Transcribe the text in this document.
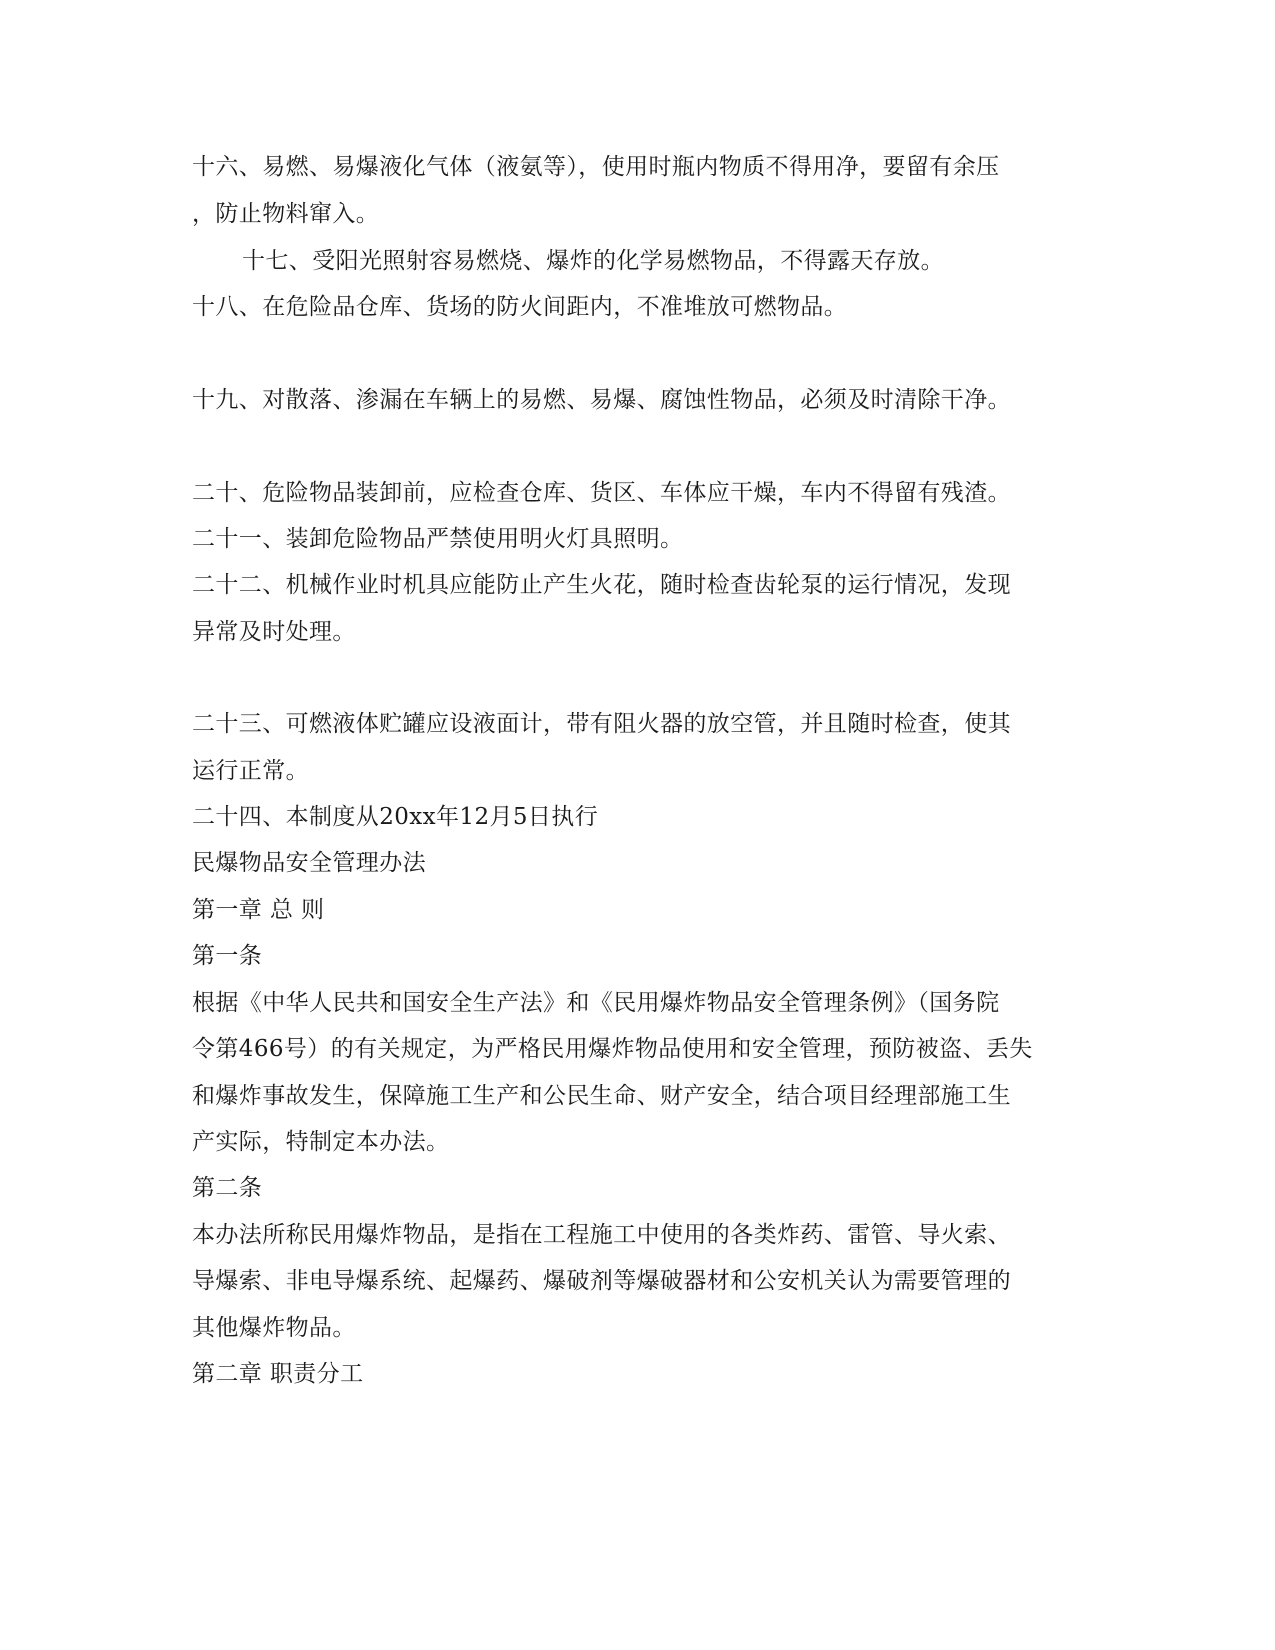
十六、易燃、易爆液化气体（液氨等），使用时瓶内物质不得用净，要留有余压

，防止物料窜入。

十七、受阳光照射容易燃烧、爆炸的化学易燃物品，不得露天存放。

十八、在危险品仓库、货场的防火间距内，不准堆放可燃物品。

十九、对散落、渗漏在车辆上的易燃、易爆、腐蚀性物品，必须及时清除干净。

二十、危险物品装卸前，应检查仓库、货区、车体应干燥，车内不得留有残渣。

二十一、装卸危险物品严禁使用明火灯具照明。

二十二、机械作业时机具应能防止产生火花，随时检查齿轮泵的运行情况，发现

异常及时处理。

二十三、可燃液体贮罐应设液面计，带有阻火器的放空管，并且随时检查，使其

运行正常。

二十四、本制度从20xx年12月5日执行

民爆物品安全管理办法

第一章 总 则

第一条

根据《中华人民共和国安全生产法》和《民用爆炸物品安全管理条例》（国务院

令第466号）的有关规定，为严格民用爆炸物品使用和安全管理，预防被盗、丢失

和爆炸事故发生，保障施工生产和公民生命、财产安全，结合项目经理部施工生

产实际，特制定本办法。

第二条

本办法所称民用爆炸物品，是指在工程施工中使用的各类炸药、雷管、导火索、

导爆索、非电导爆系统、起爆药、爆破剂等爆破器材和公安机关认为需要管理的

其他爆炸物品。

第二章 职责分工
